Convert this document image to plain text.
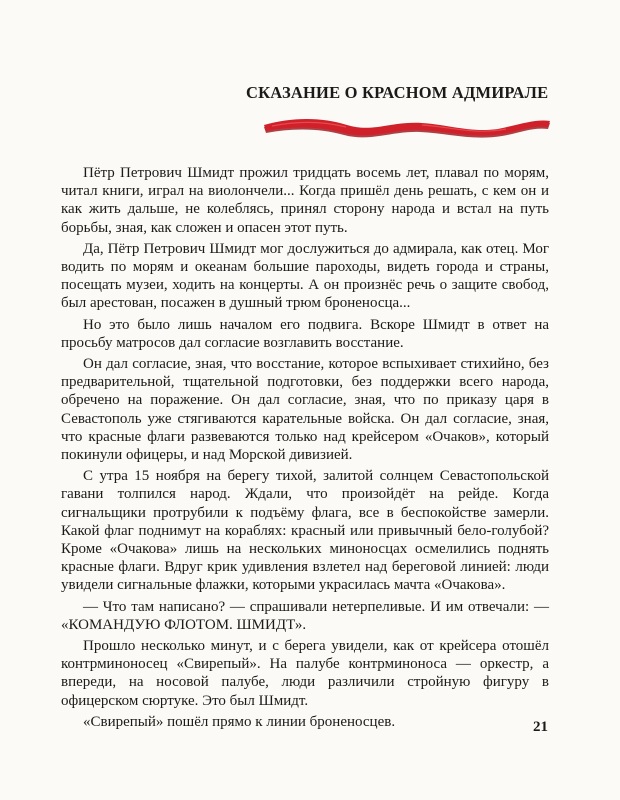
СКАЗАНИЕ О КРАСНОМ АДМИРАЛЕ

Пётр Петрович Шмидт прожил тридцать восемь лет, плавал по морям, читал книги, играл на виолончели... Когда пришёл день решать, с кем он и как жить дальше, не колеблясь, принял сторону народа и встал на путь борьбы, зная, как сложен и опасен этот путь.

Да, Пётр Петрович Шмидт мог дослужиться до адмирала, как отец. Мог водить по морям и океанам большие пароходы, видеть города и страны, посещать музеи, ходить на концерты. А он произнёс речь о защите свобод, был арестован, посажен в душный трюм броненосца...

Но это было лишь началом его подвига. Вскоре Шмидт в ответ на просьбу матросов дал согласие возглавить восстание.

Он дал согласие, зная, что восстание, которое вспыхивает стихийно, без предварительной, тщательной подготовки, без поддержки всего народа, обречено на поражение. Он дал согласие, зная, что по приказу царя в Севастополь уже стягиваются карательные войска. Он дал согласие, зная, что красные флаги развеваются только над крейсером «Очаков», который покинули офицеры, и над Морской дивизией.

С утра 15 ноября на берегу тихой, залитой солнцем Севастопольской гавани толпился народ. Ждали, что произойдёт на рейде. Когда сигнальщики протрубили к подъёму флага, все в беспокойстве замерли. Какой флаг поднимут на кораблях: красный или привычный бело-голубой? Кроме «Очакова» лишь на нескольких миноносцах осмелились поднять красные флаги. Вдруг крик удивления взлетел над береговой линией: люди увидели сигнальные флажки, которыми украсилась мачта «Очакова».

— Что там написано? — спрашивали нетерпеливые. И им отвечали: — «КОМАНДУЮ ФЛОТОМ. ШМИДТ».

Прошло несколько минут, и с берега увидели, как от крейсера отошёл контрминоносец «Свирепый». На палубе контрминоноса — оркестр, а впереди, на носовой палубе, люди различили стройную фигуру в офицерском сюртуке. Это был Шмидт.

«Свирепый» пошёл прямо к линии броненосцев.	21
